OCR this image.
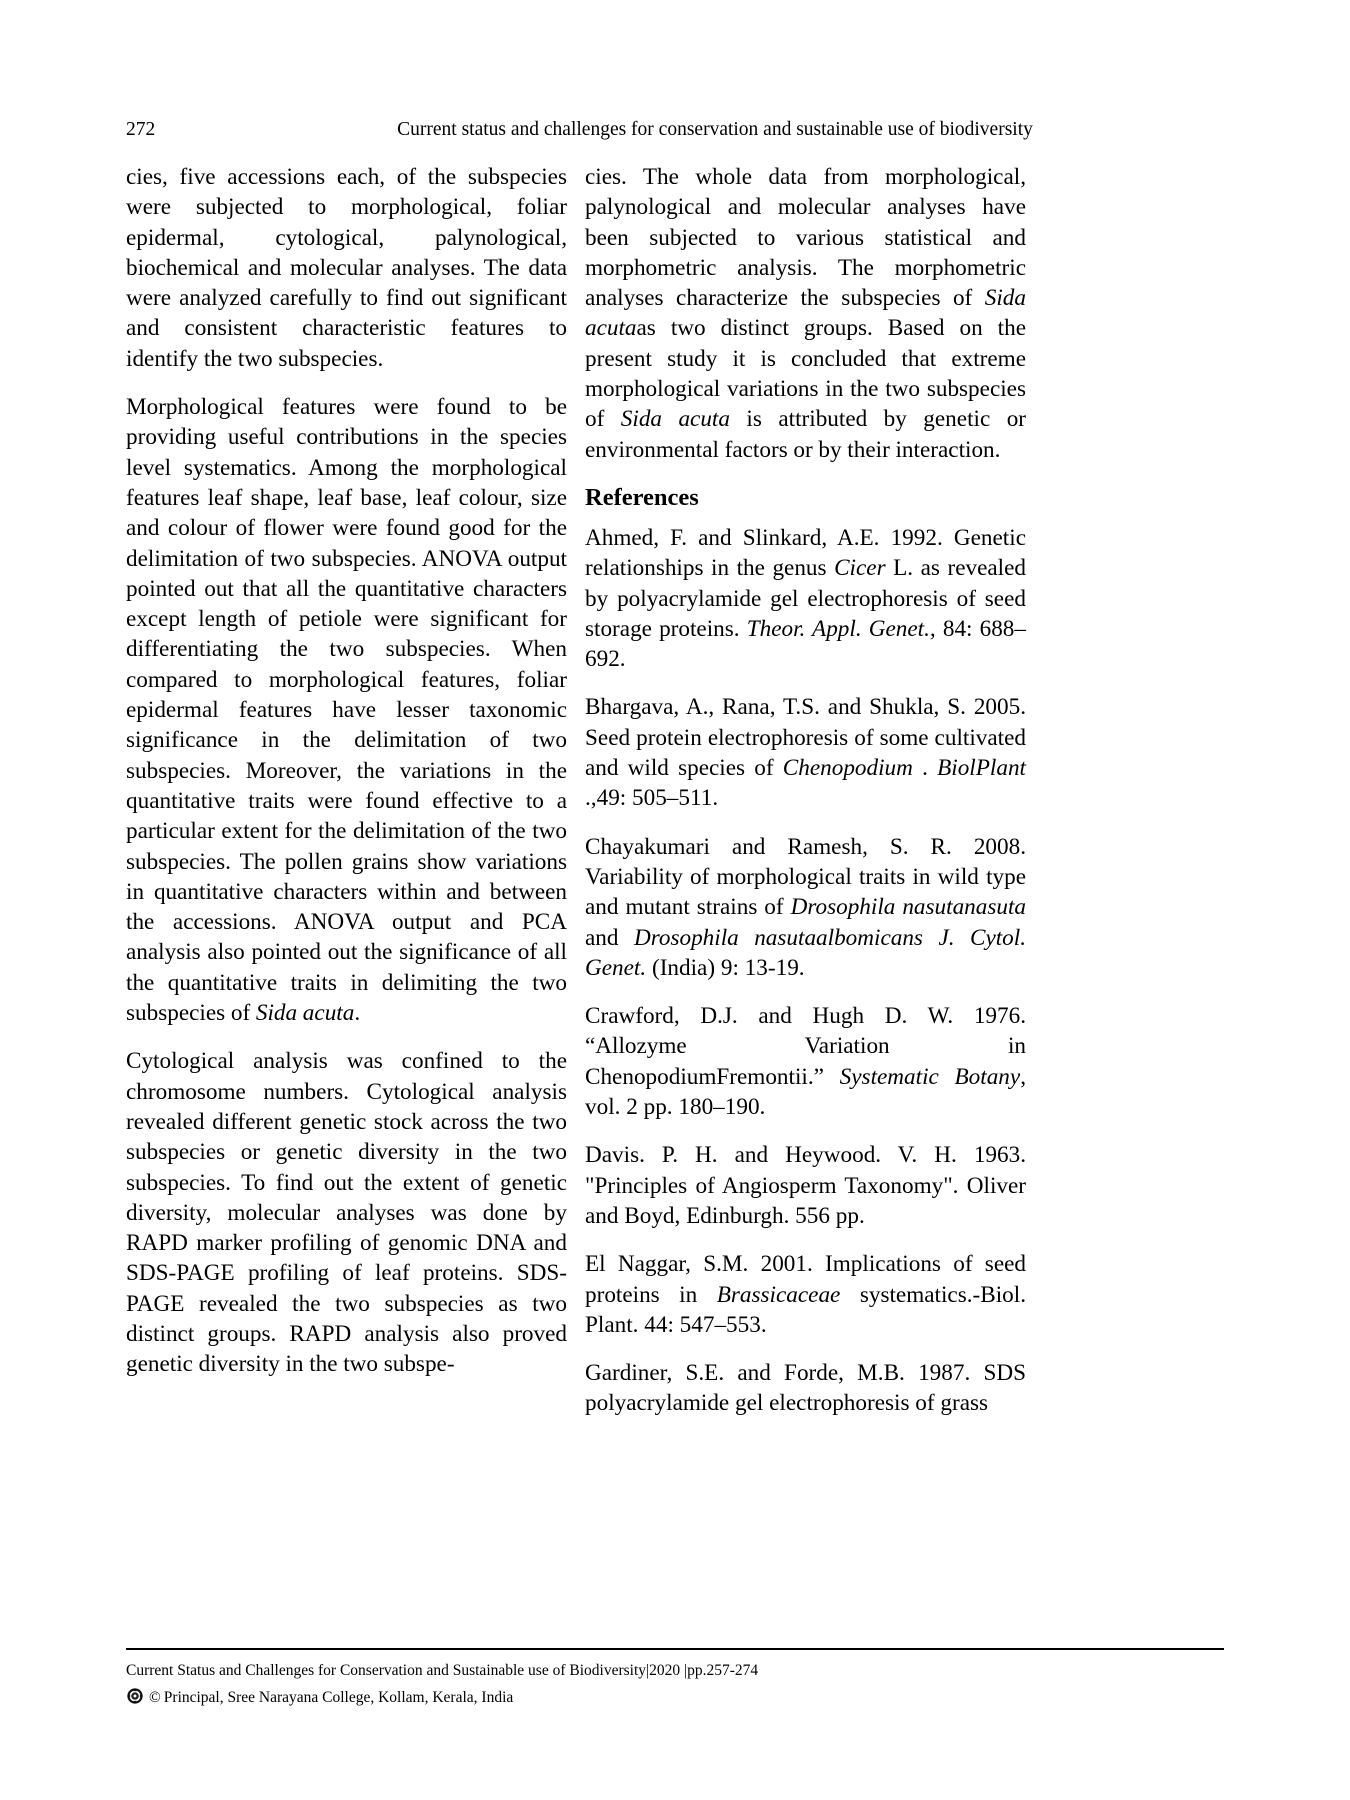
272	Current status and challenges for conservation and sustainable use of biodiversity

cies, five accessions each, of the subspecies were subjected to morphological, foliar epidermal, cytological, palynological, biochemical and molecular analyses. The data were analyzed carefully to find out significant and consistent characteristic features to identify the two subspecies.

Morphological features were found to be providing useful contributions in the species level systematics. Among the morphological features leaf shape, leaf base, leaf colour, size and colour of flower were found good for the delimitation of two subspecies. ANOVA output pointed out that all the quantitative characters except length of petiole were significant for differentiating the two subspecies. When compared to morphological features, foliar epidermal features have lesser taxonomic significance in the delimitation of two subspecies. Moreover, the variations in the quantitative traits were found effective to a particular extent for the delimitation of the two subspecies. The pollen grains show variations in quantitative characters within and between the accessions. ANOVA output and PCA analysis also pointed out the significance of all the quantitative traits in delimiting the two subspecies of Sida acuta.

Cytological analysis was confined to the chromosome numbers. Cytological analysis revealed different genetic stock across the two subspecies or genetic diversity in the two subspecies. To find out the extent of genetic diversity, molecular analyses was done by RAPD marker profiling of genomic DNA and SDS-PAGE profiling of leaf proteins. SDS-PAGE revealed the two subspecies as two distinct groups. RAPD analysis also proved genetic diversity in the two subspe-

cies. The whole data from morphological, palynological and molecular analyses have been subjected to various statistical and morphometric analysis. The morphometric analyses characterize the subspecies of Sida acutaas two distinct groups. Based on the present study it is concluded that extreme morphological variations in the two subspecies of Sida acuta is attributed by genetic or environmental factors or by their interaction.

References

Ahmed, F. and Slinkard, A.E. 1992. Genetic relationships in the genus Cicer L. as revealed by polyacrylamide gel electrophoresis of seed storage proteins. Theor. Appl. Genet., 84: 688–692.

Bhargava, A., Rana, T.S. and Shukla, S. 2005. Seed protein electrophoresis of some cultivated and wild species of Chenopodium . BiolPlant .,49: 505–511.

Chayakumari and Ramesh, S. R. 2008. Variability of morphological traits in wild type and mutant strains of Drosophila nasutanasuta and Drosophila nasutaalbomicans J. Cytol. Genet. (India) 9: 13-19.

Crawford, D.J. and Hugh D. W. 1976. “Allozyme Variation in ChenopodiumFremontii.” Systematic Botany, vol. 2 pp. 180–190.

Davis. P. H. and Heywood. V. H. 1963. "Principles of Angiosperm Taxonomy". Oliver and Boyd, Edinburgh. 556 pp.

El Naggar, S.M. 2001. Implications of seed proteins in Brassicaceae systematics.-Biol. Plant. 44: 547–553.

Gardiner, S.E. and Forde, M.B. 1987. SDS polyacrylamide gel electrophoresis of grass

Current Status and Challenges for Conservation and Sustainable use of Biodiversity|2020 |pp.257-274
© Principal, Sree Narayana College, Kollam, Kerala, India
